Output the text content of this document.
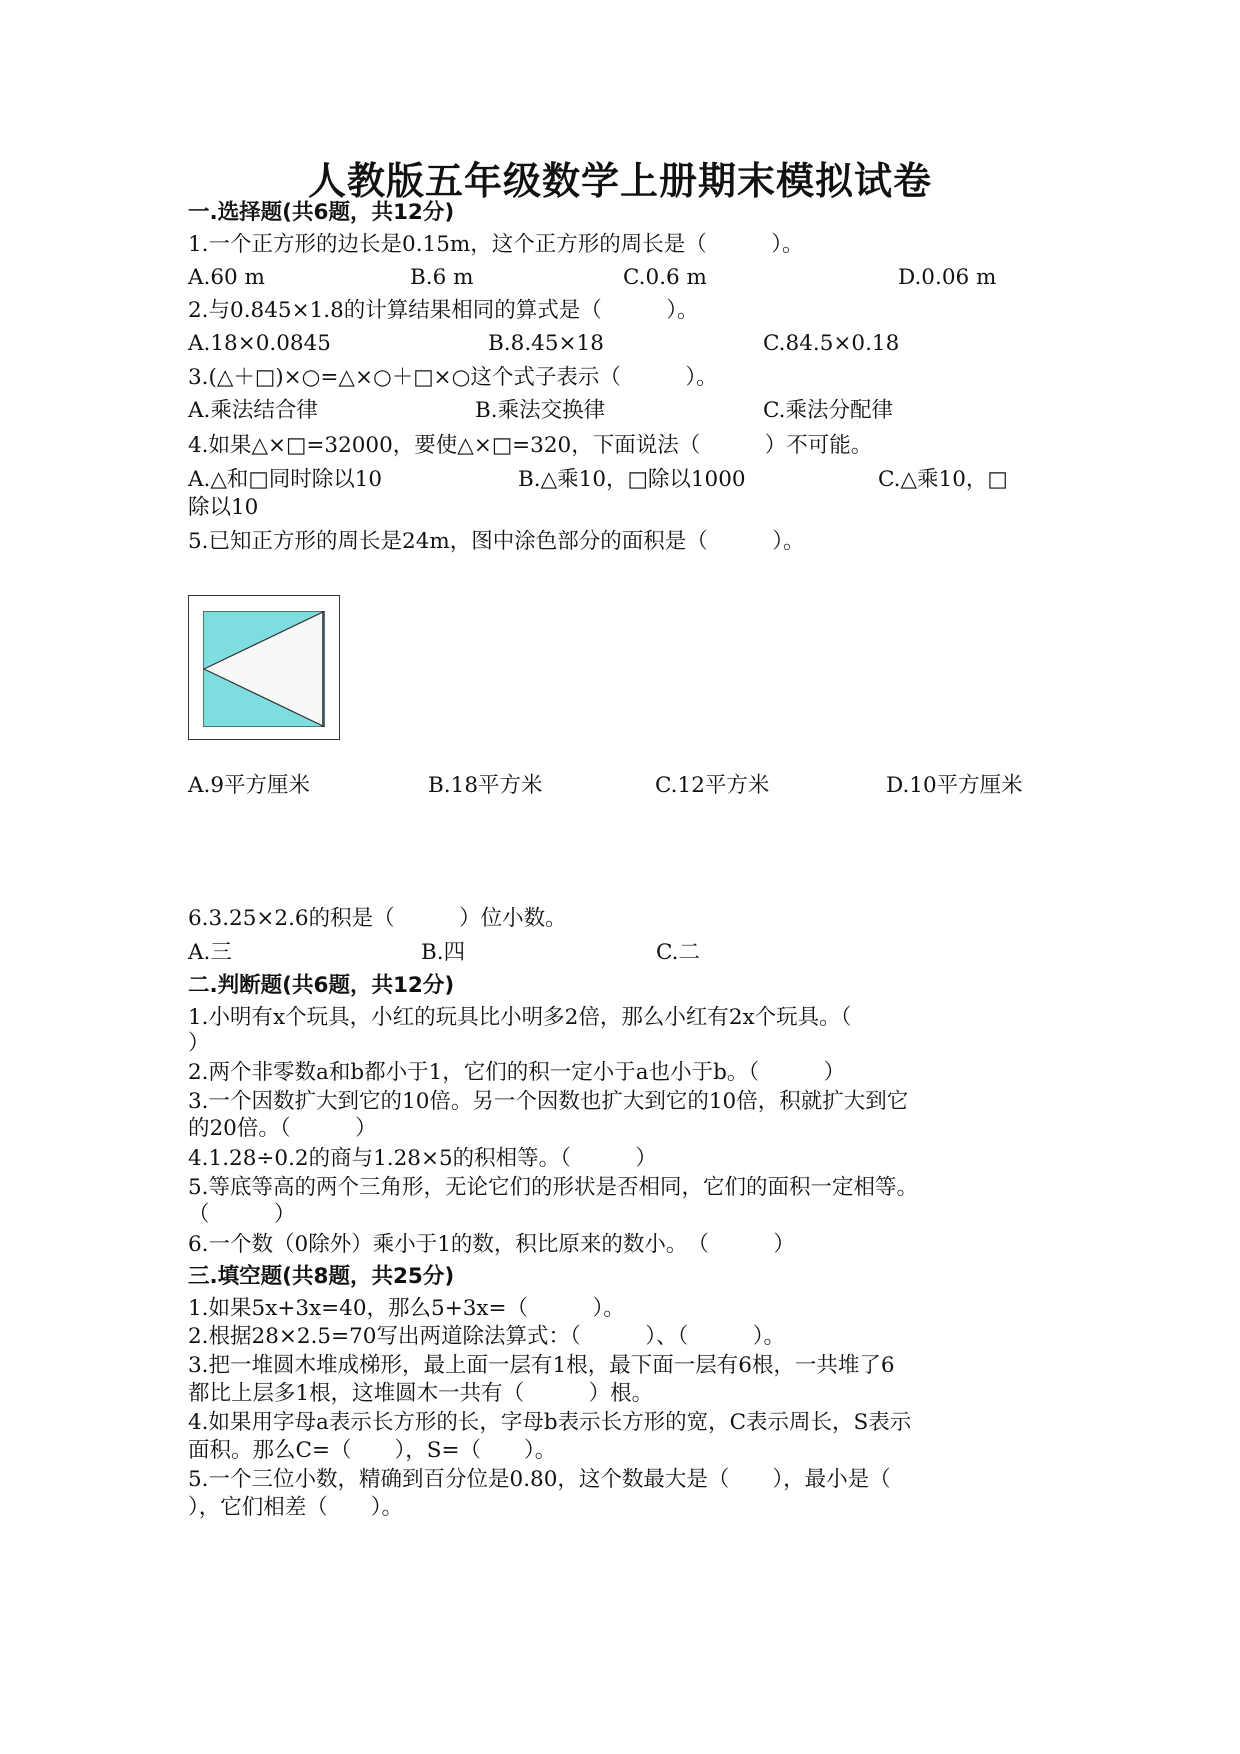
人教版五年级数学上册期末模拟试卷
一.选择题(共6题，共12分)
1.一个正方形的边长是0.15m，这个正方形的周长是（　　　）。
A.60 m	B.6 m	C.0.6 m	D.0.06 m
2.与0.845×1.8的计算结果相同的算式是（　　　）。
A.18×0.0845	B.8.45×18	C.84.5×0.18
3.(△＋□)×○=△×○＋□×○这个式子表示（　　　）。
A.乘法结合律	B.乘法交换律	C.乘法分配律
4.如果△×□=32000，要使△×□=320，下面说法（　　　）不可能。
A.△和□同时除以10	B.△乘10，□除以1000	C.△乘10，□
除以10
5.已知正方形的周长是24m，图中涂色部分的面积是（　　　）。
A.9平方厘米	B.18平方米	C.12平方米	D.10平方厘米
6.3.25×2.6的积是（　　　）位小数。
A.三	B.四	C.二
二.判断题(共6题，共12分)
1.小明有x个玩具，小红的玩具比小明多2倍，那么小红有2x个玩具。（
）
2.两个非零数a和b都小于1，它们的积一定小于a也小于b。（　　　）
3.一个因数扩大到它的10倍。另一个因数也扩大到它的10倍，积就扩大到它
的20倍。（　　　）
4.1.28÷0.2的商与1.28×5的积相等。（　　　）
5.等底等高的两个三角形，无论它们的形状是否相同，它们的面积一定相等。
（　　　）
6.一个数（0除外）乘小于1的数，积比原来的数小。　（　　　）
三.填空题(共8题，共25分)
1.如果5x+3x=40，那么5+3x=（　　　）。
2.根据28×2.5=70写出两道除法算式：（　　　）、（　　　）。
3.把一堆圆木堆成梯形，最上面一层有1根，最下面一层有6根，一共堆了6
都比上层多1根，这堆圆木一共有（　　　）根。
4.如果用字母a表示长方形的长，字母b表示长方形的宽，C表示周长，S表示
面积。那么C=（　　），S=（　　）。
5.一个三位小数，精确到百分位是0.80，这个数最大是（　　），最小是（
），它们相差（　　）。
